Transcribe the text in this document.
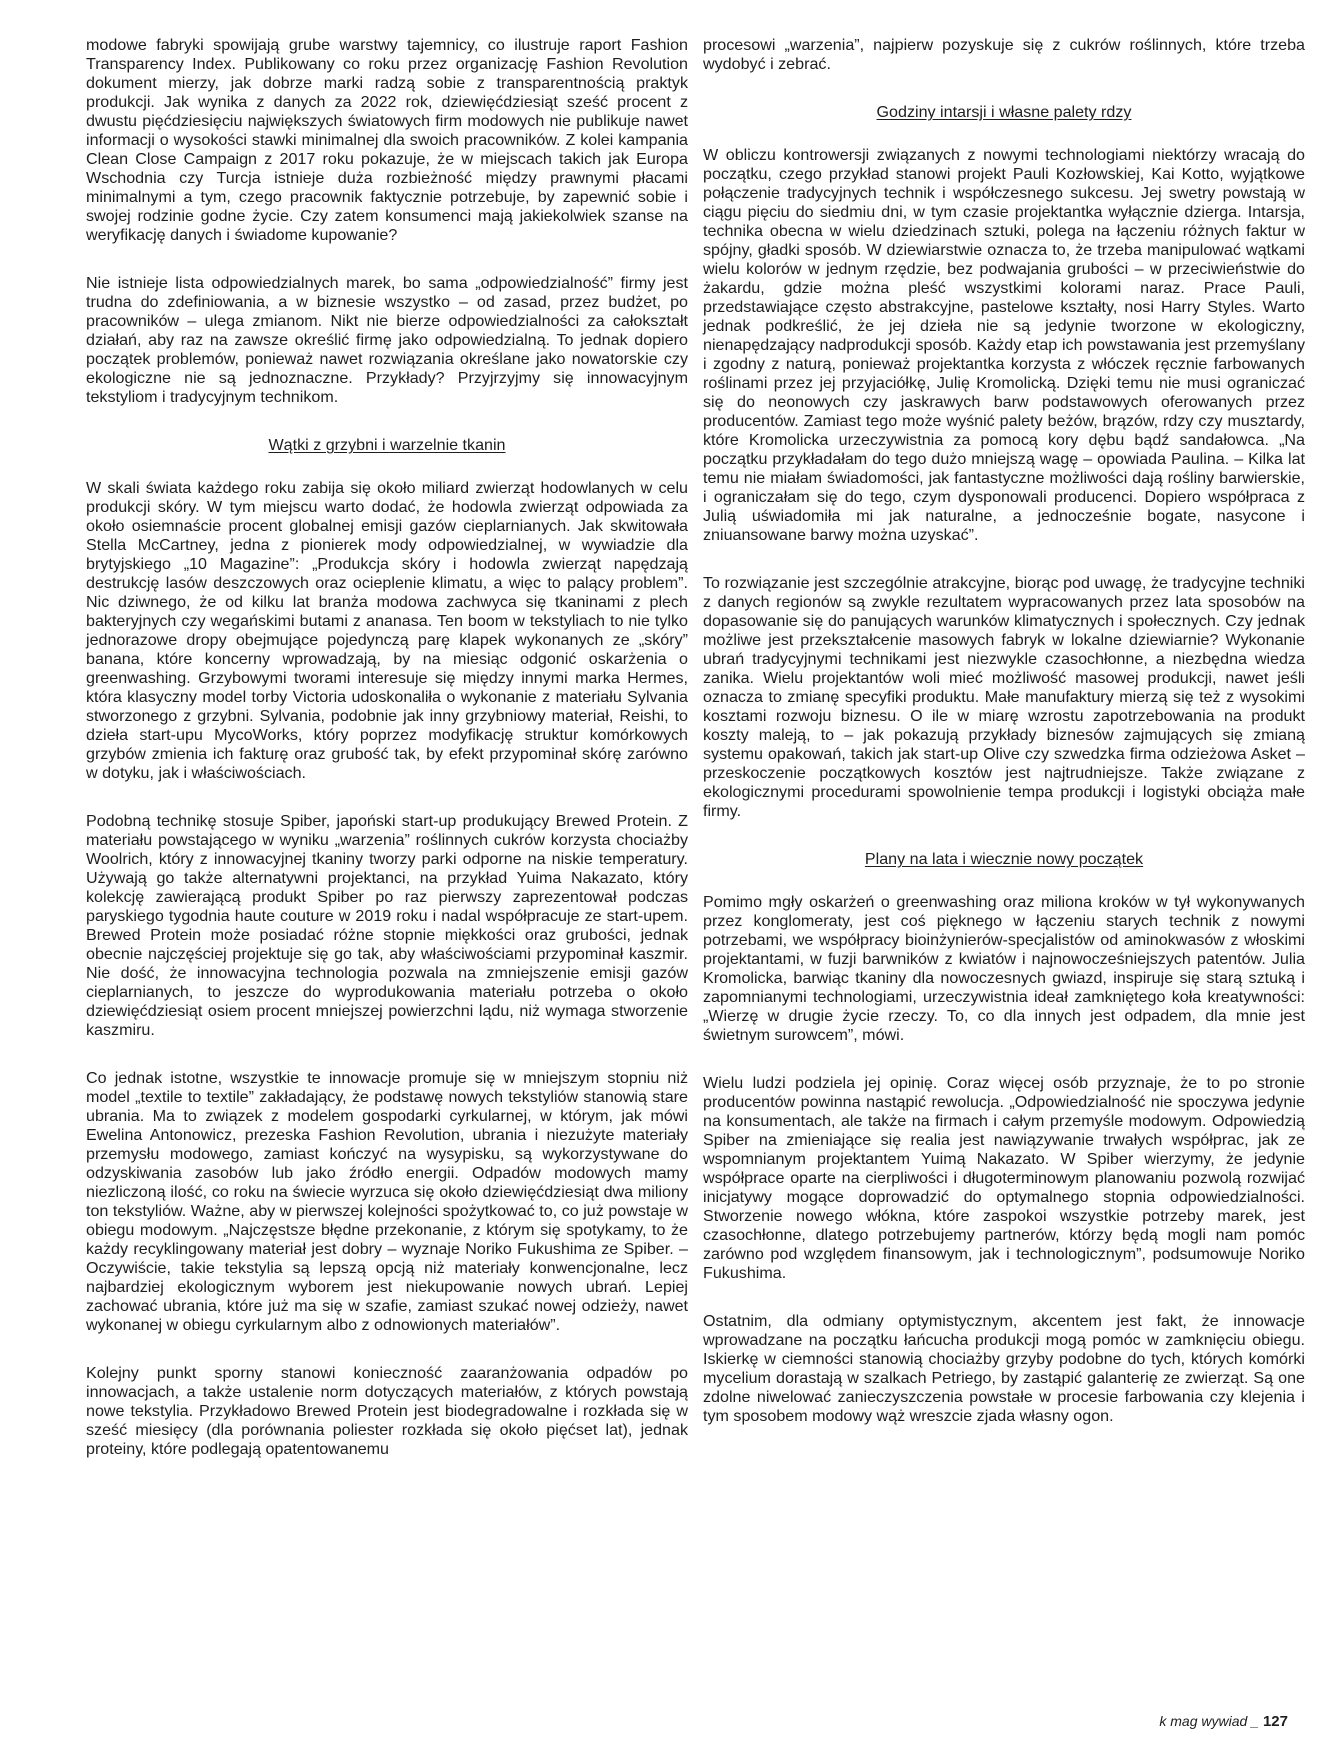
modowe fabryki spowijają grube warstwy tajemnicy, co ilustruje raport Fashion Transparency Index. Publikowany co roku przez organizację Fashion Revolution dokument mierzy, jak dobrze marki radzą sobie z transparentnością praktyk produkcji. Jak wynika z danych za 2022 rok, dziewięćdziesiąt sześć procent z dwustu pięćdziesięciu największych światowych firm modowych nie publikuje nawet informacji o wysokości stawki minimalnej dla swoich pracowników. Z kolei kampania Clean Close Campaign z 2017 roku pokazuje, że w miejscach takich jak Europa Wschodnia czy Turcja istnieje duża rozbieżność między prawnymi płacami minimalnymi a tym, czego pracownik faktycznie potrzebuje, by zapewnić sobie i swojej rodzinie godne życie. Czy zatem konsumenci mają jakiekolwiek szanse na weryfikację danych i świadome kupowanie?

Nie istnieje lista odpowiedzialnych marek, bo sama „odpowiedzialność” firmy jest trudna do zdefiniowania, a w biznesie wszystko – od zasad, przez budżet, po pracowników – ulega zmianom. Nikt nie bierze odpowiedzialności za całokształt działań, aby raz na zawsze określić firmę jako odpowiedzialną. To jednak dopiero początek problemów, ponieważ nawet rozwiązania określane jako nowatorskie czy ekologiczne nie są jednoznaczne. Przykłady? Przyjrzyjmy się innowacyjnym tekstyliom i tradycyjnym technikom.

Wątki z grzybni i warzelnie tkanin

W skali świata każdego roku zabija się około miliard zwierząt hodowlanych w celu produkcji skóry. W tym miejscu warto dodać, że hodowla zwierząt odpowiada za około osiemnaście procent globalnej emisji gazów cieplarnianych. Jak skwitowała Stella McCartney, jedna z pionierek mody odpowiedzialnej, w wywiadzie dla brytyjskiego „10 Magazine”: „Produkcja skóry i hodowla zwierząt napędzają destrukcję lasów deszczowych oraz ocieplenie klimatu, a więc to palący problem”. Nic dziwnego, że od kilku lat branża modowa zachwyca się tkaninami z plech bakteryjnych czy wegańskimi butami z ananasa. Ten boom w tekstyliach to nie tylko jednorazowe dropy obejmujące pojedynczą parę klapek wykonanych ze „skóry” banana, które koncerny wprowadzają, by na miesiąc odgonić oskarżenia o greenwashing. Grzybowymi tworami interesuje się między innymi marka Hermes, która klasyczny model torby Victoria udoskonaliła o wykonanie z materiału Sylvania stworzonego z grzybni. Sylvania, podobnie jak inny grzybniowy materiał, Reishi, to dzieła start-upu MycoWorks, który poprzez modyfikację struktur komórkowych grzybów zmienia ich fakturę oraz grubość tak, by efekt przypominał skórę zarówno w dotyku, jak i właściwościach.

Podobną technikę stosuje Spiber, japoński start-up produkujący Brewed Protein. Z materiału powstającego w wyniku „warzenia” roślinnych cukrów korzysta chociażby Woolrich, który z innowacyjnej tkaniny tworzy parki odporne na niskie temperatury. Używają go także alternatywni projektanci, na przykład Yuima Nakazato, który kolekcję zawierającą produkt Spiber po raz pierwszy zaprezentował podczas paryskiego tygodnia haute couture w 2019 roku i nadal współpracuje ze start-upem. Brewed Protein może posiadać różne stopnie miękkości oraz grubości, jednak obecnie najczęściej projektuje się go tak, aby właściwościami przypominał kaszmir. Nie dość, że innowacyjna technologia pozwala na zmniejszenie emisji gazów cieplarnianych, to jeszcze do wyprodukowania materiału potrzeba o około dziewięćdziesiąt osiem procent mniejszej powierzchni lądu, niż wymaga stworzenie kaszmiru.

Co jednak istotne, wszystkie te innowacje promuje się w mniejszym stopniu niż model „textile to textile” zakładający, że podstawę nowych tekstyliów stanowią stare ubrania. Ma to związek z modelem gospodarki cyrkularnej, w którym, jak mówi Ewelina Antonowicz, prezeska Fashion Revolution, ubrania i niezużyte materiały przemysłu modowego, zamiast kończyć na wysypisku, są wykorzystywane do odzyskiwania zasobów lub jako źródło energii. Odpadów modowych mamy niezliczoną ilość, co roku na świecie wyrzuca się około dziewięćdziesiąt dwa miliony ton tekstyliów. Ważne, aby w pierwszej kolejności spożytkować to, co już powstaje w obiegu modowym. „Najczęstsze błędne przekonanie, z którym się spotykamy, to że każdy recyklingowany materiał jest dobry – wyznaje Noriko Fukushima ze Spiber. – Oczywiście, takie tekstylia są lepszą opcją niż materiały konwencjonalne, lecz najbardziej ekologicznym wyborem jest niekupowanie nowych ubrań. Lepiej zachować ubrania, które już ma się w szafie, zamiast szukać nowej odzieży, nawet wykonanej w obiegu cyrkularnym albo z odnowionych materiałów”.

Kolejny punkt sporny stanowi konieczność zaaranżowania odpadów po innowacjach, a także ustalenie norm dotyczących materiałów, z których powstają nowe tekstylia. Przykładowo Brewed Protein jest biodegradowalne i rozkłada się w sześć miesięcy (dla porównania poliester rozkłada się około pięćset lat), jednak proteiny, które podlegają opatentowanemu

procesowi „warzenia”, najpierw pozyskuje się z cukrów roślinnych, które trzeba wydobyć i zebrać.

Godziny intarsji i własne palety rdzy

W obliczu kontrowersji związanych z nowymi technologiami niektórzy wracają do początku, czego przykład stanowi projekt Pauli Kozłowskiej, Kai Kotto, wyjątkowe połączenie tradycyjnych technik i współczesnego sukcesu. Jej swetry powstają w ciągu pięciu do siedmiu dni, w tym czasie projektantka wyłącznie dzierga. Intarsja, technika obecna w wielu dziedzinach sztuki, polega na łączeniu różnych faktur w spójny, gładki sposób. W dziewiarstwie oznacza to, że trzeba manipulować wątkami wielu kolorów w jednym rzędzie, bez podwajania grubości – w przeciwieństwie do żakardu, gdzie można pleść wszystkimi kolorami naraz. Prace Pauli, przedstawiające często abstrakcyjne, pastelowe kształty, nosi Harry Styles. Warto jednak podkreślić, że jej dzieła nie są jedynie tworzone w ekologiczny, nienapędzający nadprodukcji sposób. Każdy etap ich powstawania jest przemyślany i zgodny z naturą, ponieważ projektantka korzysta z włóczek ręcznie farbowanych roślinami przez jej przyjaciółkę, Julię Kromolicką. Dzięki temu nie musi ograniczać się do neonowych czy jaskrawych barw podstawowych oferowanych przez producentów. Zamiast tego może wyśnić palety beżów, brązów, rdzy czy musztardy, które Kromolicka urzeczywistnia za pomocą kory dębu bądź sandałowca. „Na początku przykładałam do tego dużo mniejszą wagę – opowiada Paulina. – Kilka lat temu nie miałam świadomości, jak fantastyczne możliwości dają rośliny barwierskie, i ograniczałam się do tego, czym dysponowali producenci. Dopiero współpraca z Julią uświadomiła mi jak naturalne, a jednocześnie bogate, nasycone i zniuansowane barwy można uzyskać”.

To rozwiązanie jest szczególnie atrakcyjne, biorąc pod uwagę, że tradycyjne techniki z danych regionów są zwykle rezultatem wypracowanych przez lata sposobów na dopasowanie się do panujących warunków klimatycznych i społecznych. Czy jednak możliwe jest przekształcenie masowych fabryk w lokalne dziewiarnie? Wykonanie ubrań tradycyjnymi technikami jest niezwykle czasochłonne, a niezbędna wiedza zanika. Wielu projektantów woli mieć możliwość masowej produkcji, nawet jeśli oznacza to zmianę specyfiki produktu. Małe manufaktury mierzą się też z wysokimi kosztami rozwoju biznesu. O ile w miarę wzrostu zapotrzebowania na produkt koszty maleją, to – jak pokazują przykłady biznesów zajmujących się zmianą systemu opakowań, takich jak start-up Olive czy szwedzka firma odzieżowa Asket – przeskoczenie początkowych kosztów jest najtrudniejsze. Także związane z ekologicznymi procedurami spowolnienie tempa produkcji i logistyki obciąża małe firmy.

Plany na lata i wiecznie nowy początek

Pomimo mgły oskarżeń o greenwashing oraz miliona kroków w tył wykonywanych przez konglomeraty, jest coś pięknego w łączeniu starych technik z nowymi potrzebami, we współpracy bioinżynierów-specjalistów od aminokwasów z włoskimi projektantami, w fuzji barwników z kwiatów i najnowocześniejszych patentów. Julia Kromolicka, barwiąc tkaniny dla nowoczesnych gwiazd, inspiruje się starą sztuką i zapomnianymi technologiami, urzeczywistnia ideał zamkniętego koła kreatywności: „Wierzę w drugie życie rzeczy. To, co dla innych jest odpadem, dla mnie jest świetnym surowcem”, mówi.

Wielu ludzi podziela jej opinię. Coraz więcej osób przyznaje, że to po stronie producentów powinna nastąpić rewolucja. „Odpowiedzialność nie spoczywa jedynie na konsumentach, ale także na firmach i całym przemyśle modowym. Odpowiedzią Spiber na zmieniające się realia jest nawiązywanie trwałych współprac, jak ze wspomnianym projektantem Yuimą Nakazato. W Spiber wierzymy, że jedynie współprace oparte na cierpliwości i długoterminowym planowaniu pozwolą rozwijać inicjatywy mogące doprowadzić do optymalnego stopnia odpowiedzialności. Stworzenie nowego włókna, które zaspokoi wszystkie potrzeby marek, jest czasochłonne, dlatego potrzebujemy partnerów, którzy będą mogli nam pomóc zarówno pod względem finansowym, jak i technologicznym”, podsumowuje Noriko Fukushima.

Ostatnim, dla odmiany optymistycznym, akcentem jest fakt, że innowacje wprowadzane na początku łańcucha produkcji mogą pomóc w zamknięciu obiegu. Iskierkę w ciemności stanowią chociażby grzyby podobne do tych, których komórki mycelium dorastają w szalkach Petriego, by zastąpić galanterię ze zwierząt. Są one zdolne niwelować zanieczyszczenia powstałe w procesie farbowania czy klejenia i tym sposobem modowy wąż wreszcie zjada własny ogon.

k mag wywiad _ 127
